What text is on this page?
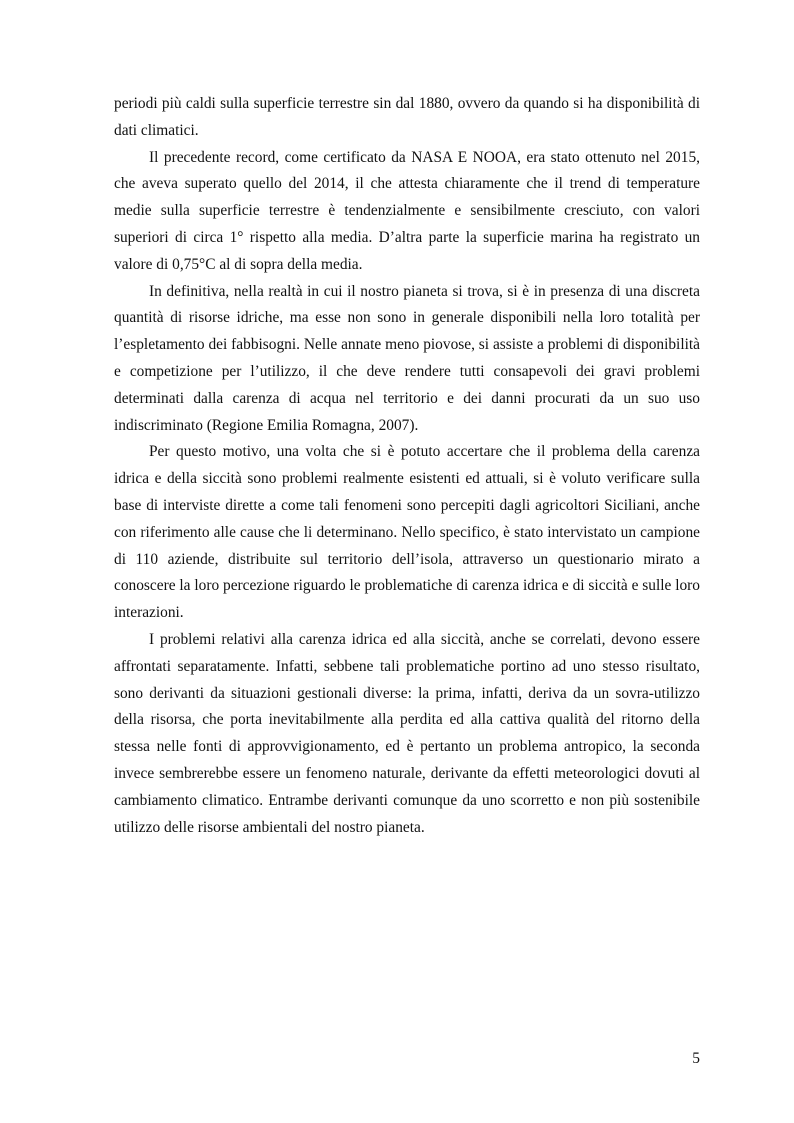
periodi più caldi sulla superficie terrestre sin dal 1880, ovvero da quando si ha disponibilità di dati climatici.

Il precedente record, come certificato da NASA E NOOA, era stato ottenuto nel 2015, che aveva superato quello del 2014, il che attesta chiaramente che il trend di temperature medie sulla superficie terrestre è tendenzialmente e sensibilmente cresciuto, con valori superiori di circa 1° rispetto alla media. D’altra parte la superficie marina ha registrato un valore di 0,75°C al di sopra della media.

In definitiva, nella realtà in cui il nostro pianeta si trova, si è in presenza di una discreta quantità di risorse idriche, ma esse non sono in generale disponibili nella loro totalità per l’espletamento dei fabbisogni. Nelle annate meno piovose, si assiste a problemi di disponibilità e competizione per l’utilizzo, il che deve rendere tutti consapevoli dei gravi problemi determinati dalla carenza di acqua nel territorio e dei danni procurati da un suo uso indiscriminato (Regione Emilia Romagna, 2007).

Per questo motivo, una volta che si è potuto accertare che il problema della carenza idrica e della siccità sono problemi realmente esistenti ed attuali, si è voluto verificare sulla base di interviste dirette a come tali fenomeni sono percepiti dagli agricoltori Siciliani, anche con riferimento alle cause che li determinano. Nello specifico, è stato intervistato un campione di 110 aziende, distribuite sul territorio dell’isola, attraverso un questionario mirato a conoscere la loro percezione riguardo le problematiche di carenza idrica e di siccità e sulle loro interazioni.

I problemi relativi alla carenza idrica ed alla siccità, anche se correlati, devono essere affrontati separatamente. Infatti, sebbene tali problematiche portino ad uno stesso risultato, sono derivanti da situazioni gestionali diverse: la prima, infatti, deriva da un sovra-utilizzo della risorsa, che porta inevitabilmente alla perdita ed alla cattiva qualità del ritorno della stessa nelle fonti di approvvigionamento, ed è pertanto un problema antropico, la seconda invece sembrerebbe essere un fenomeno naturale, derivante da effetti meteorologici dovuti al cambiamento climatico. Entrambe derivanti comunque da uno scorretto e non più sostenibile utilizzo delle risorse ambientali del nostro pianeta.

5
